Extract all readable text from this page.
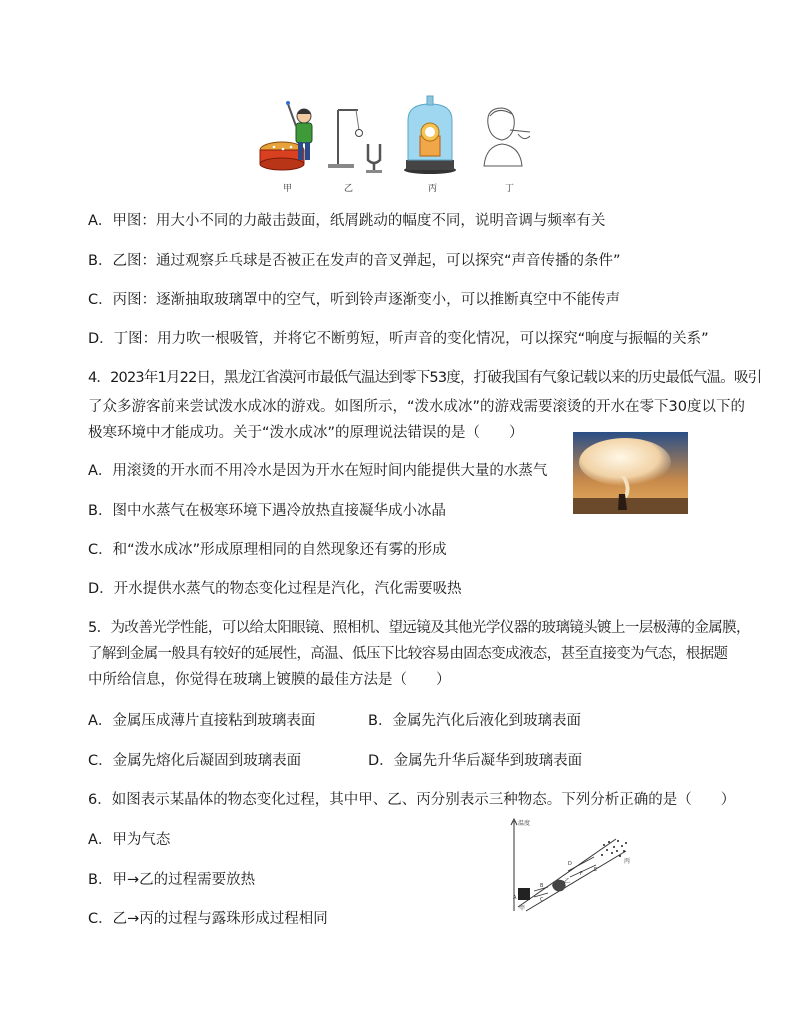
甲	乙	丙	丁
A．甲图：用大小不同的力敲击鼓面，纸屑跳动的幅度不同，说明音调与频率有关
B．乙图：通过观察乒乓球是否被正在发声的音叉弹起，可以探究“声音传播的条件”
C．丙图：逐渐抽取玻璃罩中的空气，听到铃声逐渐变小，可以推断真空中不能传声
D．丁图：用力吹一根吸管，并将它不断剪短，听声音的变化情况，可以探究“响度与振幅的关系”
4．2023年1月22日，黑龙江省漠河市最低气温达到零下53度，打破我国有气象记载以来的历史最低气温。吸引
了众多游客前来尝试泼水成冰的游戏。如图所示，“泼水成冰”的游戏需要滚烫的开水在零下30度以下的
极寒环境中才能成功。关于“泼水成冰”的原理说法错误的是（　　）
A．用滚烫的开水而不用冷水是因为开水在短时间内能提供大量的水蒸气
B．图中水蒸气在极寒环境下遇冷放热直接凝华成小冰晶
C．和“泼水成冰”形成原理相同的自然现象还有雾的形成
D．开水提供水蒸气的物态变化过程是汽化，汽化需要吸热
5．为改善光学性能，可以给太阳眼镜、照相机、望远镜及其他光学仪器的玻璃镜头镀上一层极薄的金属膜，
了解到金属一般具有较好的延展性，高温、低压下比较容易由固态变成液态，甚至直接变为气态，根据题
中所给信息，你觉得在玻璃上镀膜的最佳方法是（　　）
A．金属压成薄片直接粘到玻璃表面	B．金属先汽化后液化到玻璃表面
C．金属先熔化后凝固到玻璃表面	D．金属先升华后凝华到玻璃表面
6．如图表示某晶体的物态变化过程，其中甲、乙、丙分别表示三种物态。下列分析正确的是（　　）
A．甲为气态
B．甲→乙的过程需要放热
C．乙→丙的过程与露珠形成过程相同
温度
甲
乙
丙
A
B
C
D
E
F
